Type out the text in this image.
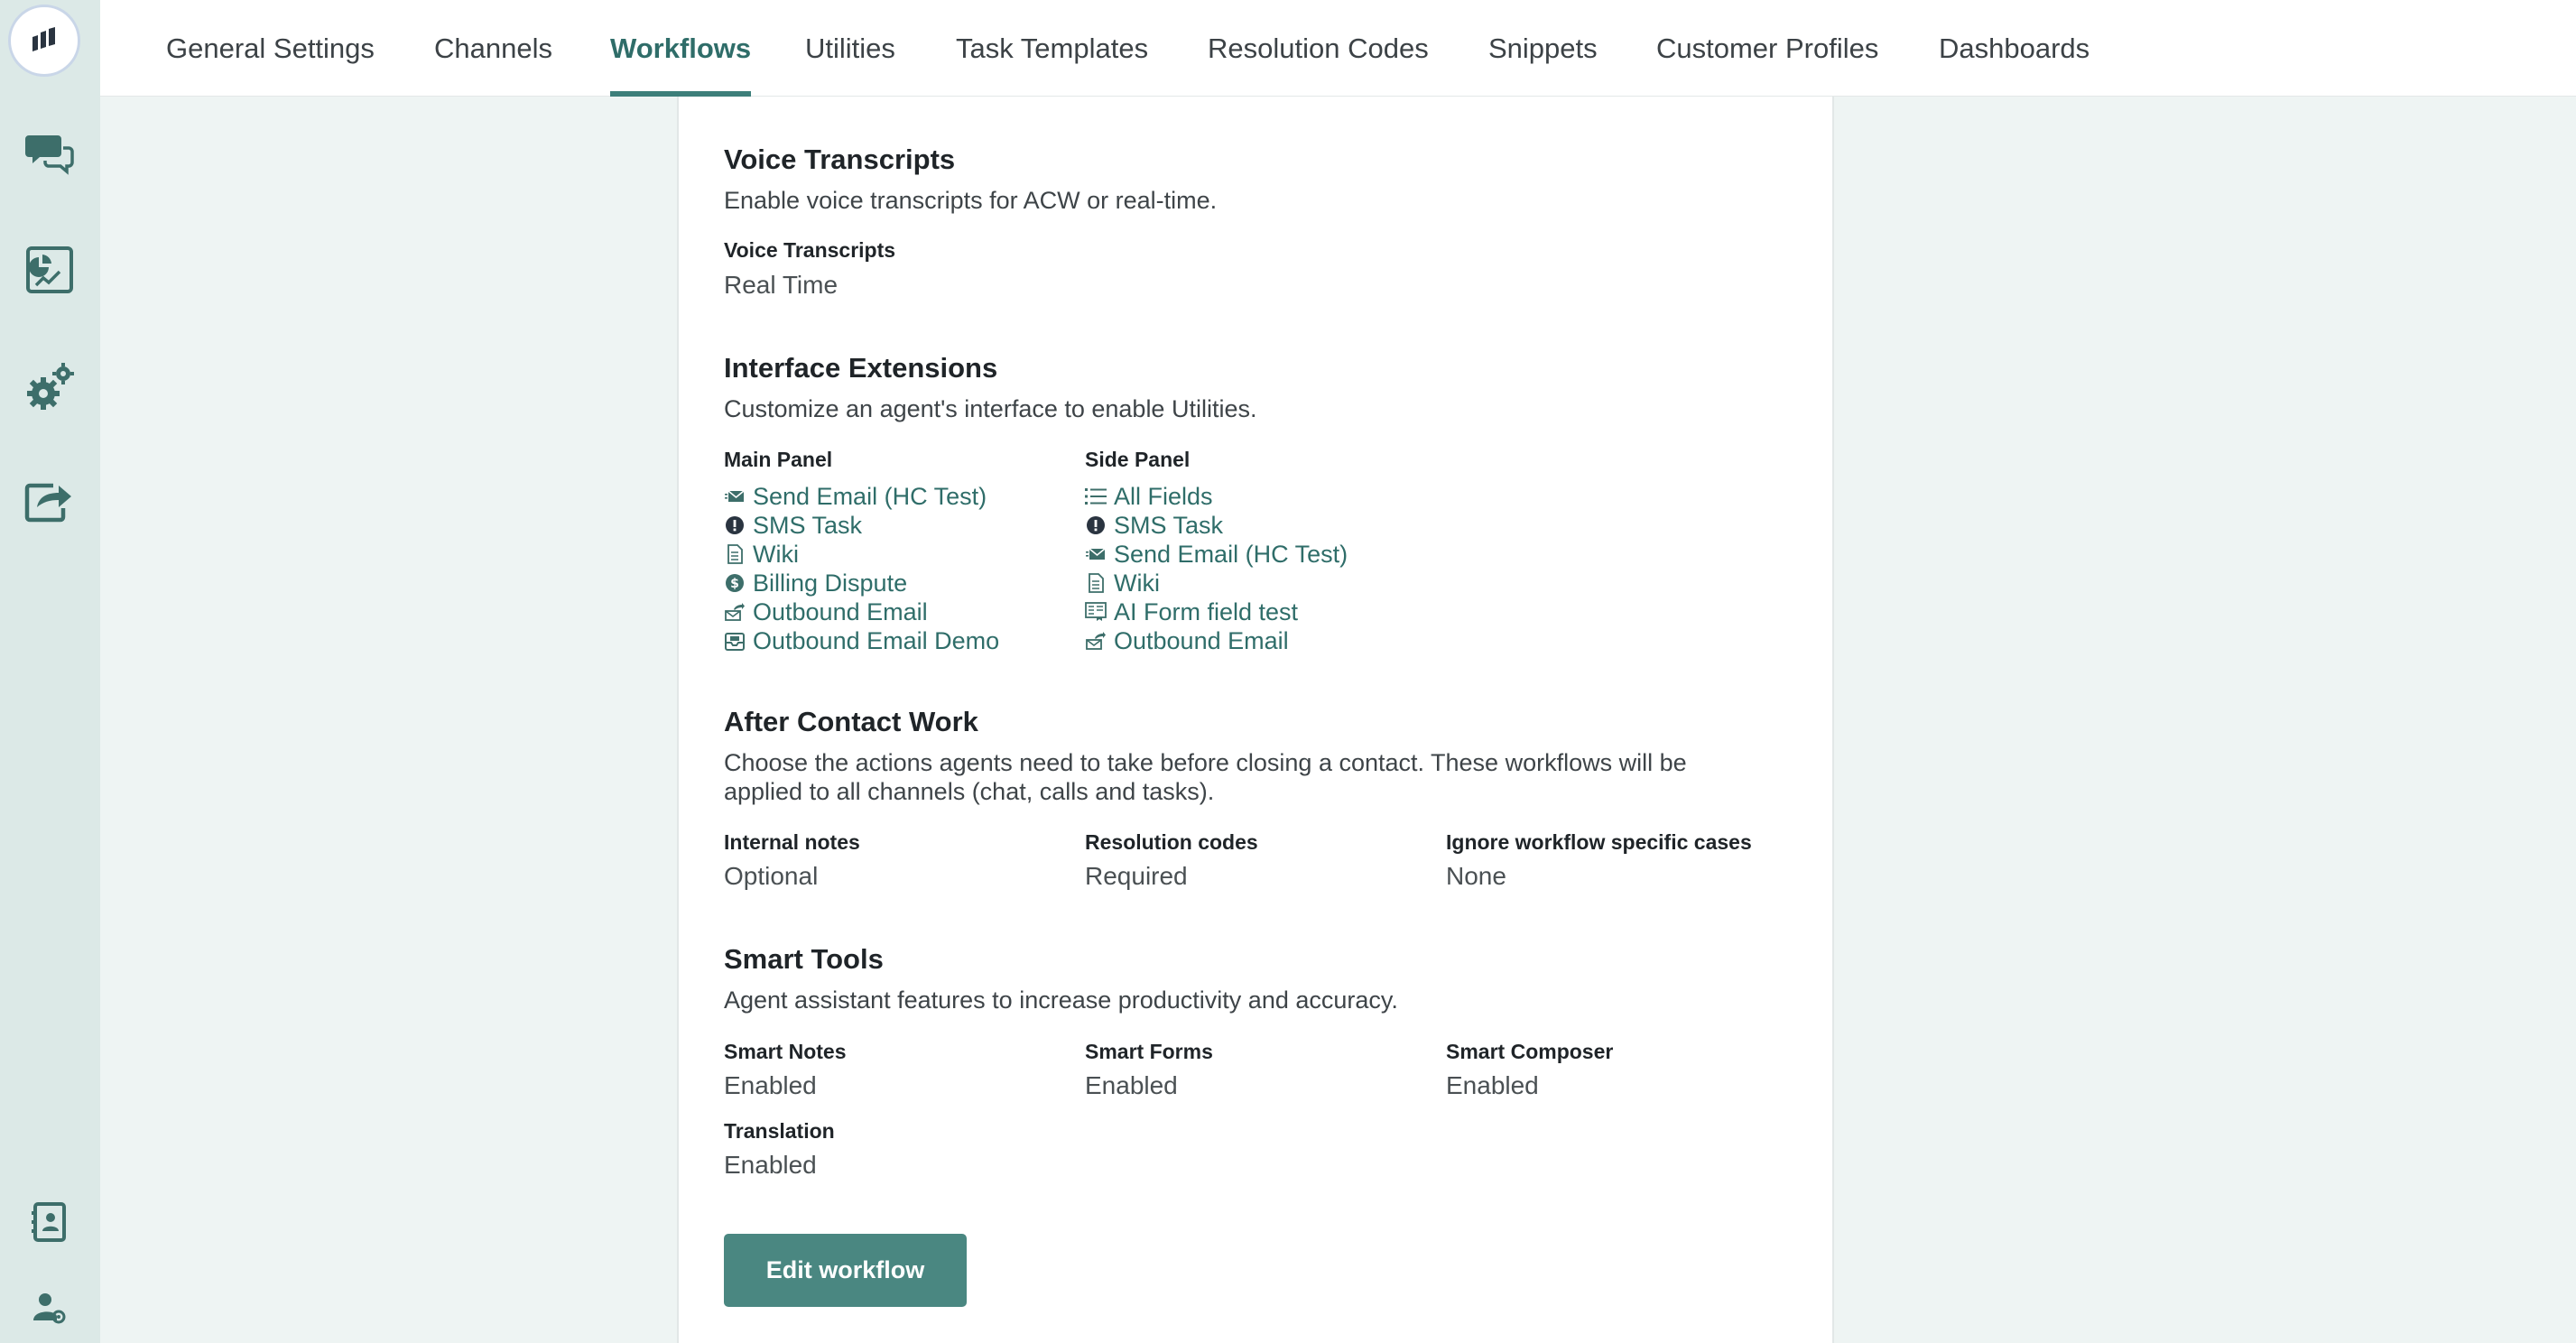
General Settings Channels Workflows Utilities Task Templates Resolution Codes Snippets Customer Profiles Dashboards
Voice Transcripts
Enable voice transcripts for ACW or real-time.
Voice Transcripts
Real Time
Interface Extensions
Customize an agent's interface to enable Utilities.
Main Panel	Side Panel
Send Email (HC Test)
SMS Task
Wiki
$ Billing Dispute
Outbound Email
Outbound Email Demo
All Fields
SMS Task
Send Email (HC Test)
Wiki
AI Form field test
Outbound Email
After Contact Work
Choose the actions agents need to take before closing a contact. These workflows will be applied to all channels (chat, calls and tasks).
Internal notes
Optional
Resolution codes
Required
Ignore workflow specific cases
None
Smart Tools
Agent assistant features to increase productivity and accuracy.
Smart Notes
Enabled
Smart Forms
Enabled
Smart Composer
Enabled
Translation
Enabled
Edit workflow
